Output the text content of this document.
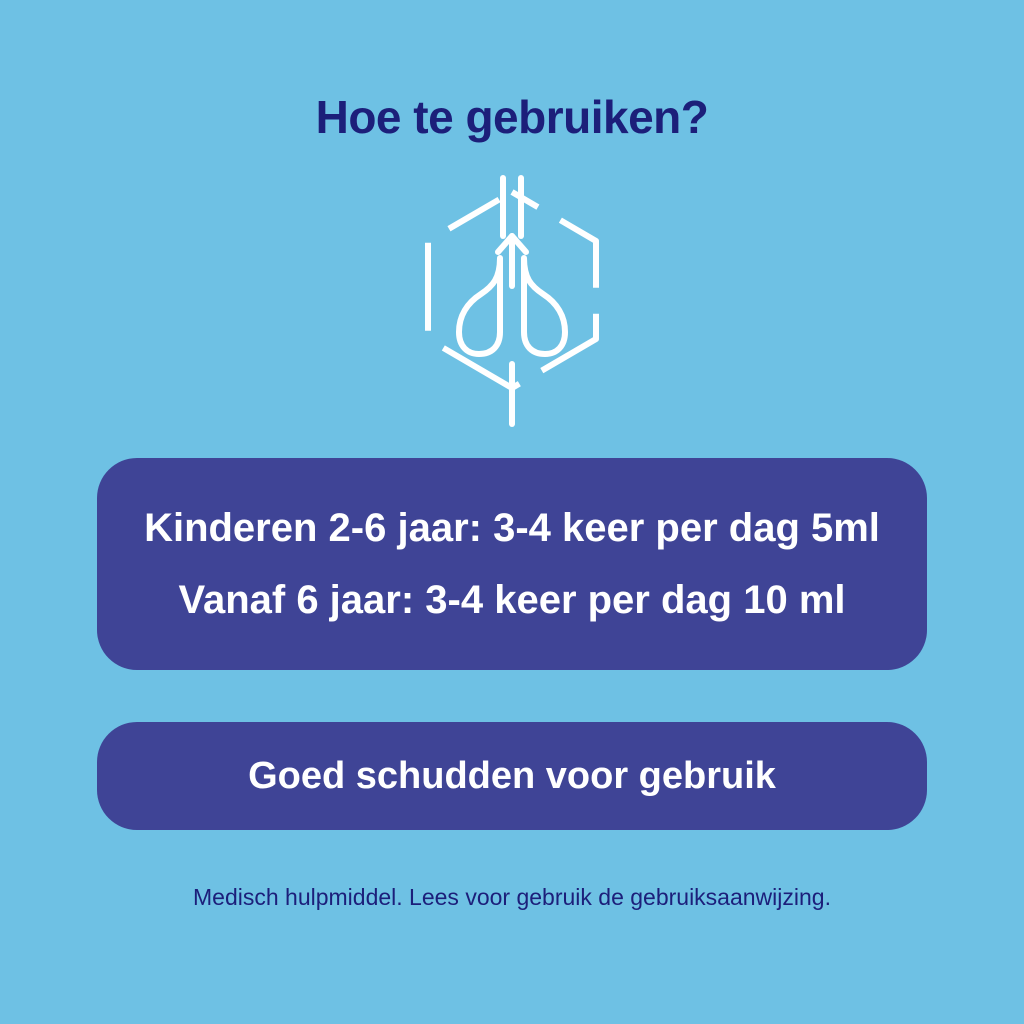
Hoe te gebruiken?
Kinderen 2-6 jaar: 3-4 keer per dag 5ml
Vanaf 6 jaar: 3-4 keer per dag 10 ml
Goed schudden voor gebruik
Medisch hulpmiddel. Lees voor gebruik de gebruiksaanwijzing.
